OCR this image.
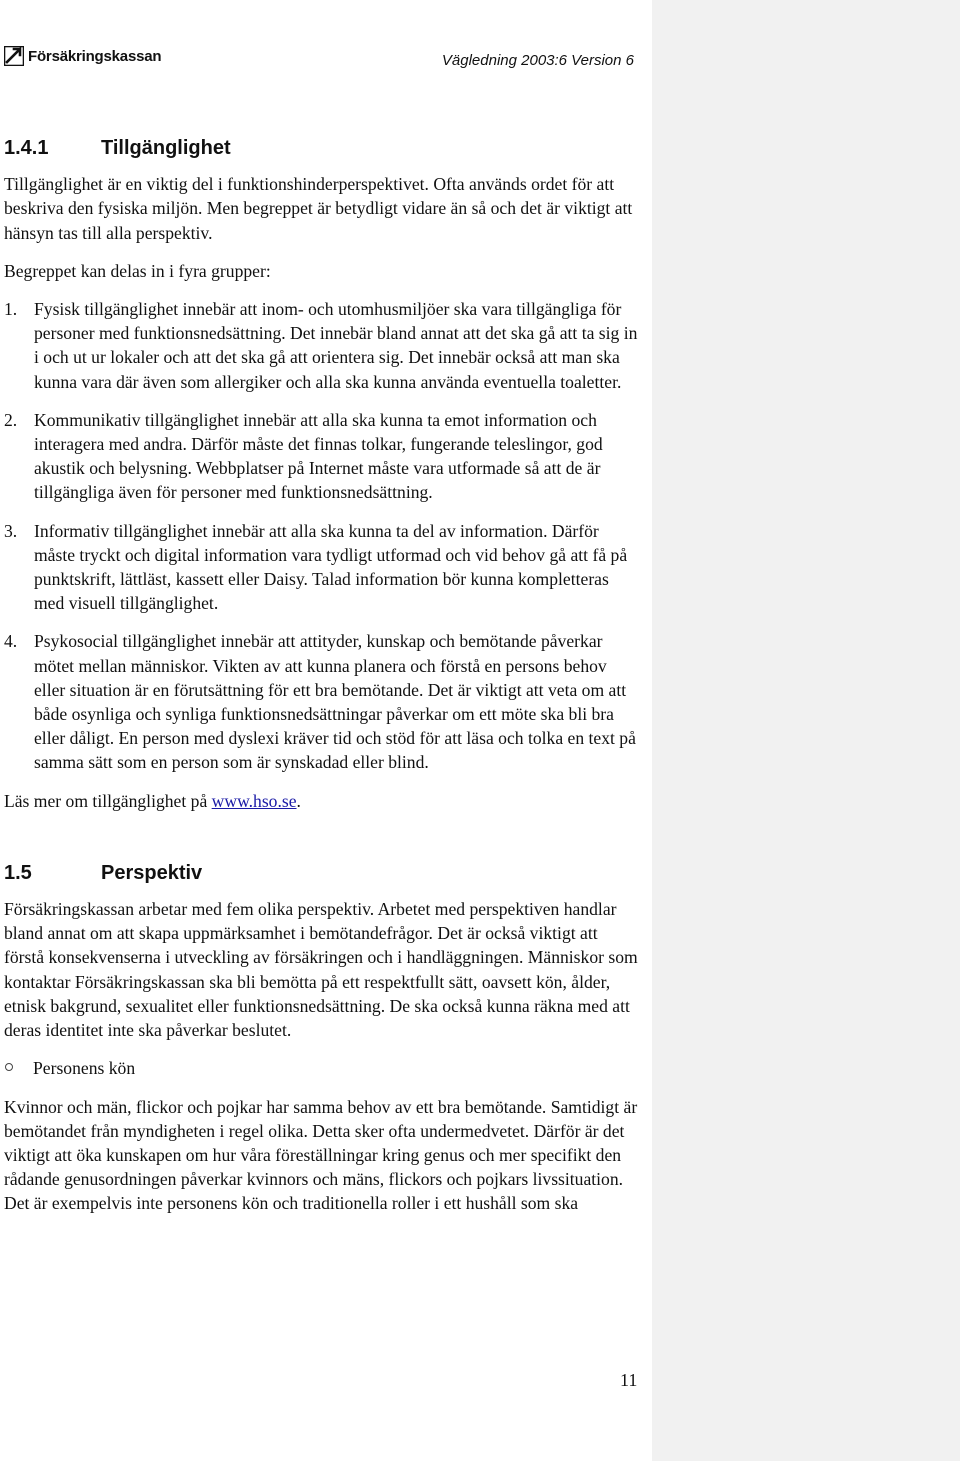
Försäkringskassan	Vägledning 2003:6 Version 6
1.4.1	Tillgänglighet

Tillgänglighet är en viktig del i funktionshinderperspektivet. Ofta används ordet för att beskriva den fysiska miljön. Men begreppet är betydligt vidare än så och det är viktigt att hänsyn tas till alla perspektiv.

Begreppet kan delas in i fyra grupper:

1. Fysisk tillgänglighet innebär att inom- och utomhusmiljöer ska vara tillgängliga för personer med funktionsnedsättning. Det innebär bland annat att det ska gå att ta sig in i och ut ur lokaler och att det ska gå att orientera sig. Det innebär också att man ska kunna vara där även som allergiker och alla ska kunna använda eventuella toaletter.
2. Kommunikativ tillgänglighet innebär att alla ska kunna ta emot information och interagera med andra. Därför måste det finnas tolkar, fungerande teleslingor, god akustik och belysning. Webbplatser på Internet måste vara utformade så att de är tillgängliga även för personer med funktionsnedsättning.
3. Informativ tillgänglighet innebär att alla ska kunna ta del av information. Därför måste tryckt och digital information vara tydligt utformad och vid behov gå att få på punktskrift, lättläst, kassett eller Daisy. Talad information bör kunna kompletteras med visuell tillgänglighet.
4. Psykosocial tillgänglighet innebär att attityder, kunskap och bemötande påverkar mötet mellan människor. Vikten av att kunna planera och förstå en persons behov eller situation är en förutsättning för ett bra bemötande. Det är viktigt att veta om att både osynliga och synliga funktionsnedsättningar påverkar om ett möte ska bli bra eller dåligt. En person med dyslexi kräver tid och stöd för att läsa och tolka en text på samma sätt som en person som är synskadad eller blind.

Läs mer om tillgänglighet på www.hso.se.

1.5	Perspektiv

Försäkringskassan arbetar med fem olika perspektiv. Arbetet med perspektiven handlar bland annat om att skapa uppmärksamhet i bemötandefrågor. Det är också viktigt att förstå konsekvenserna i utveckling av försäkringen och i handläggningen. Människor som kontaktar Försäkringskassan ska bli bemötta på ett respektfullt sätt, oavsett kön, ålder, etnisk bakgrund, sexualitet eller funktionsnedsättning. De ska också kunna räkna med att deras identitet inte ska påverkar beslutet.

Personens kön

Kvinnor och män, flickor och pojkar har samma behov av ett bra bemötande. Samtidigt är bemötandet från myndigheten i regel olika. Detta sker ofta undermedvetet. Därför är det viktigt att öka kunskapen om hur våra föreställningar kring genus och mer specifikt den rådande genusordningen påverkar kvinnors och mäns, flickors och pojkars livssituation. Det är exempelvis inte personens kön och traditionella roller i ett hushåll som ska

11
